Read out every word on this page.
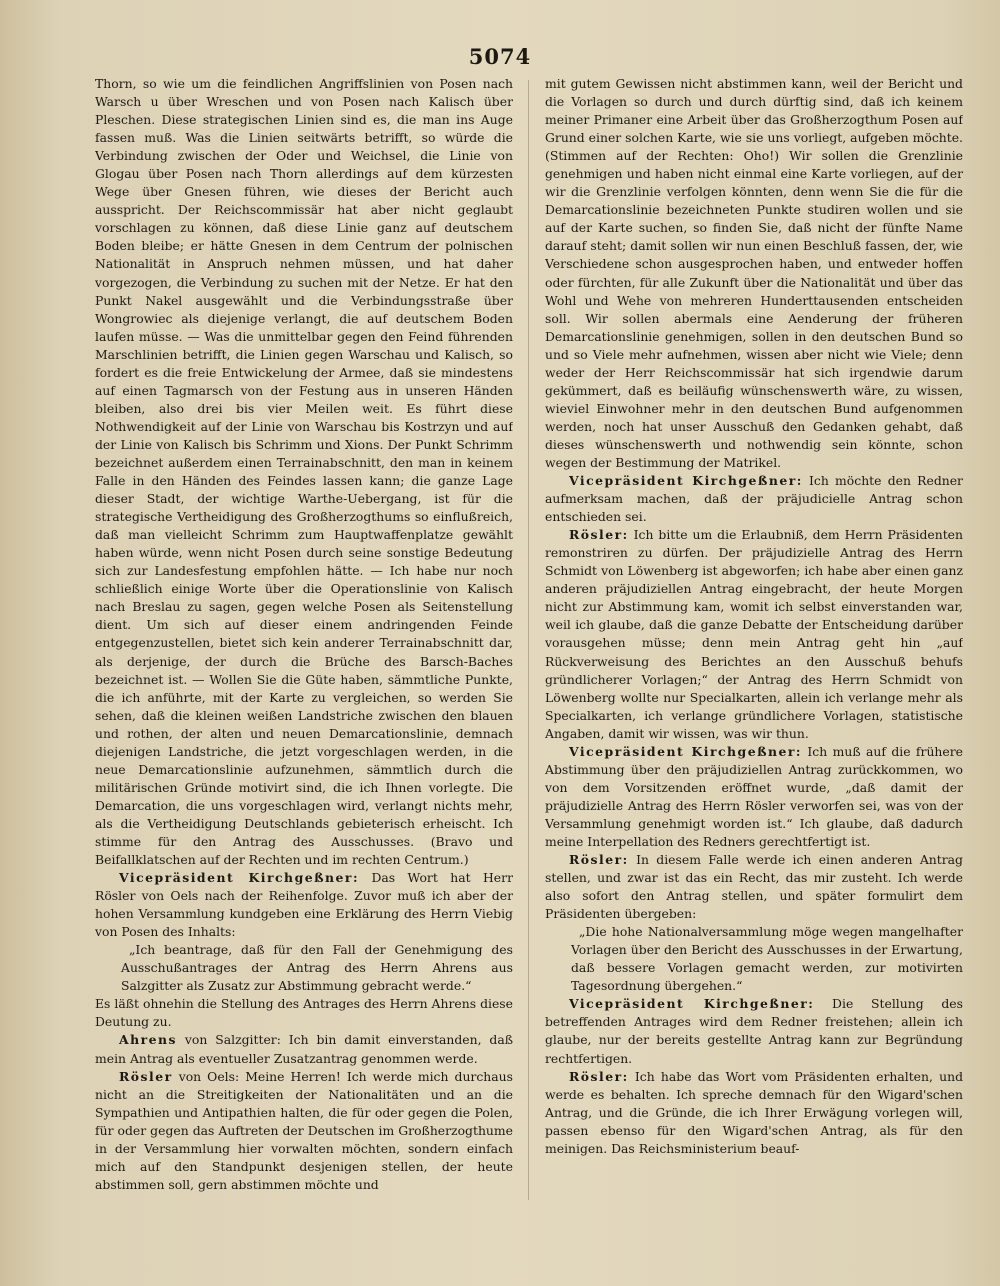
5074

Thorn, so wie um die feindlichen Angriffslinien von Posen nach Warsch u über Wreschen und von Posen nach Kalisch über Pleschen. Diese strategischen Linien sind es, die man ins Auge fassen muß. Was die Linien seitwärts betrifft, so würde die Verbindung zwischen der Oder und Weichsel, die Linie von Glogau über Posen nach Thorn allerdings auf dem kürzesten Wege über Gnesen führen, wie dieses der Bericht auch ausspricht. Der Reichscommissär hat aber nicht geglaubt vorschlagen zu können, daß diese Linie ganz auf deutschem Boden bleibe; er hätte Gnesen in dem Centrum der polnischen Nationalität in Anspruch nehmen müssen, und hat daher vorgezogen, die Verbindung zu suchen mit der Netze. Er hat den Punkt Nakel ausgewählt und die Verbindungsstraße über Wongrowiec als diejenige verlangt, die auf deutschem Boden laufen müsse. — Was die unmittelbar gegen den Feind führenden Marschlinien betrifft, die Linien gegen Warschau und Kalisch, so fordert es die freie Entwickelung der Armee, daß sie mindestens auf einen Tagmarsch von der Festung aus in unseren Händen bleiben, also drei bis vier Meilen weit. Es führt diese Nothwendigkeit auf der Linie von Warschau bis Kostrzyn und auf der Linie von Kalisch bis Schrimm und Xions. Der Punkt Schrimm bezeichnet außerdem einen Terrainabschnitt, den man in keinem Falle in den Händen des Feindes lassen kann; die ganze Lage dieser Stadt, der wichtige Warthe-Uebergang, ist für die strategische Vertheidigung des Großherzogthums so einflußreich, daß man vielleicht Schrimm zum Hauptwaffenplatze gewählt haben würde, wenn nicht Posen durch seine sonstige Bedeutung sich zur Landesfestung empfohlen hätte. — Ich habe nur noch schließlich einige Worte über die Operationslinie von Kalisch nach Breslau zu sagen, gegen welche Posen als Seitenstellung dient. Um sich auf dieser einem andringenden Feinde entgegenzustellen, bietet sich kein anderer Terrainabschnitt dar, als derjenige, der durch die Brüche des Barsch-Baches bezeichnet ist. — Wollen Sie die Güte haben, sämmtliche Punkte, die ich anführte, mit der Karte zu vergleichen, so werden Sie sehen, daß die kleinen weißen Landstriche zwischen den blauen und rothen, der alten und neuen Demarcationslinie, demnach diejenigen Landstriche, die jetzt vorgeschlagen werden, in die neue Demarcationslinie aufzunehmen, sämmtlich durch die militärischen Gründe motivirt sind, die ich Ihnen vorlegte. Die Demarcation, die uns vorgeschlagen wird, verlangt nichts mehr, als die Vertheidigung Deutschlands gebieterisch erheischt. Ich stimme für den Antrag des Ausschusses. (Bravo und Beifallklatschen auf der Rechten und im rechten Centrum.)

Vicepräsident Kirchgeßner: Das Wort hat Herr Rösler von Oels nach der Reihenfolge. Zuvor muß ich aber der hohen Versammlung kundgeben eine Erklärung des Herrn Viebig von Posen des Inhalts:

„Ich beantrage, daß für den Fall der Genehmigung des Ausschußantrages der Antrag des Herrn Ahrens aus Salzgitter als Zusatz zur Abstimmung gebracht werde.“

Es läßt ohnehin die Stellung des Antrages des Herrn Ahrens diese Deutung zu.

Ahrens von Salzgitter: Ich bin damit einverstanden, daß mein Antrag als eventueller Zusatzantrag genommen werde.

Rösler von Oels: Meine Herren! Ich werde mich durchaus nicht an die Streitigkeiten der Nationalitäten und an die Sympathien und Antipathien halten, die für oder gegen die Polen, für oder gegen das Auftreten der Deutschen im Großherzogthume in der Versammlung hier vorwalten möchten, sondern einfach mich auf den Standpunkt desjenigen stellen, der heute abstimmen soll, gern abstimmen möchte und

mit gutem Gewissen nicht abstimmen kann, weil der Bericht und die Vorlagen so durch und durch dürftig sind, daß ich keinem meiner Primaner eine Arbeit über das Großherzogthum Posen auf Grund einer solchen Karte, wie sie uns vorliegt, aufgeben möchte. (Stimmen auf der Rechten: Oho!) Wir sollen die Grenzlinie genehmigen und haben nicht einmal eine Karte vorliegen, auf der wir die Grenzlinie verfolgen könnten, denn wenn Sie die für die Demarcationslinie bezeichneten Punkte studiren wollen und sie auf der Karte suchen, so finden Sie, daß nicht der fünfte Name darauf steht; damit sollen wir nun einen Beschluß fassen, der, wie Verschiedene schon ausgesprochen haben, und entweder hoffen oder fürchten, für alle Zukunft über die Nationalität und über das Wohl und Wehe von mehreren Hunderttausenden entscheiden soll. Wir sollen abermals eine Aenderung der früheren Demarcationslinie genehmigen, sollen in den deutschen Bund so und so Viele mehr aufnehmen, wissen aber nicht wie Viele; denn weder der Herr Reichscommissär hat sich irgendwie darum gekümmert, daß es beiläufig wünschenswerth wäre, zu wissen, wieviel Einwohner mehr in den deutschen Bund aufgenommen werden, noch hat unser Ausschuß den Gedanken gehabt, daß dieses wünschenswerth und nothwendig sein könnte, schon wegen der Bestimmung der Matrikel.

Vicepräsident Kirchgeßner: Ich möchte den Redner aufmerksam machen, daß der präjudicielle Antrag schon entschieden sei.

Rösler: Ich bitte um die Erlaubniß, dem Herrn Präsidenten remonstriren zu dürfen. Der präjudizielle Antrag des Herrn Schmidt von Löwenberg ist abgeworfen; ich habe aber einen ganz anderen präjudiziellen Antrag eingebracht, der heute Morgen nicht zur Abstimmung kam, womit ich selbst einverstanden war, weil ich glaube, daß die ganze Debatte der Entscheidung darüber vorausgehen müsse; denn mein Antrag geht hin „auf Rückverweisung des Berichtes an den Ausschuß behufs gründlicherer Vorlagen;“ der Antrag des Herrn Schmidt von Löwenberg wollte nur Specialkarten, allein ich verlange mehr als Specialkarten, ich verlange gründlichere Vorlagen, statistische Angaben, damit wir wissen, was wir thun.

Vicepräsident Kirchgeßner: Ich muß auf die frühere Abstimmung über den präjudiziellen Antrag zurückkommen, wo von dem Vorsitzenden eröffnet wurde, „daß damit der präjudizielle Antrag des Herrn Rösler verworfen sei, was von der Versammlung genehmigt worden ist.“ Ich glaube, daß dadurch meine Interpellation des Redners gerechtfertigt ist.

Rösler: In diesem Falle werde ich einen anderen Antrag stellen, und zwar ist das ein Recht, das mir zusteht. Ich werde also sofort den Antrag stellen, und später formulirt dem Präsidenten übergeben:

„Die hohe Nationalversammlung möge wegen mangelhafter Vorlagen über den Bericht des Ausschusses in der Erwartung, daß bessere Vorlagen gemacht werden, zur motivirten Tagesordnung übergehen.“

Vicepräsident Kirchgeßner: Die Stellung des betreffenden Antrages wird dem Redner freistehen; allein ich glaube, nur der bereits gestellte Antrag kann zur Begründung rechtfertigen.

Rösler: Ich habe das Wort vom Präsidenten erhalten, und werde es behalten. Ich spreche demnach für den Wigard'schen Antrag, und die Gründe, die ich Ihrer Erwägung vorlegen will, passen ebenso für den Wigard'schen Antrag, als für den meinigen. Das Reichsministerium beauf-
